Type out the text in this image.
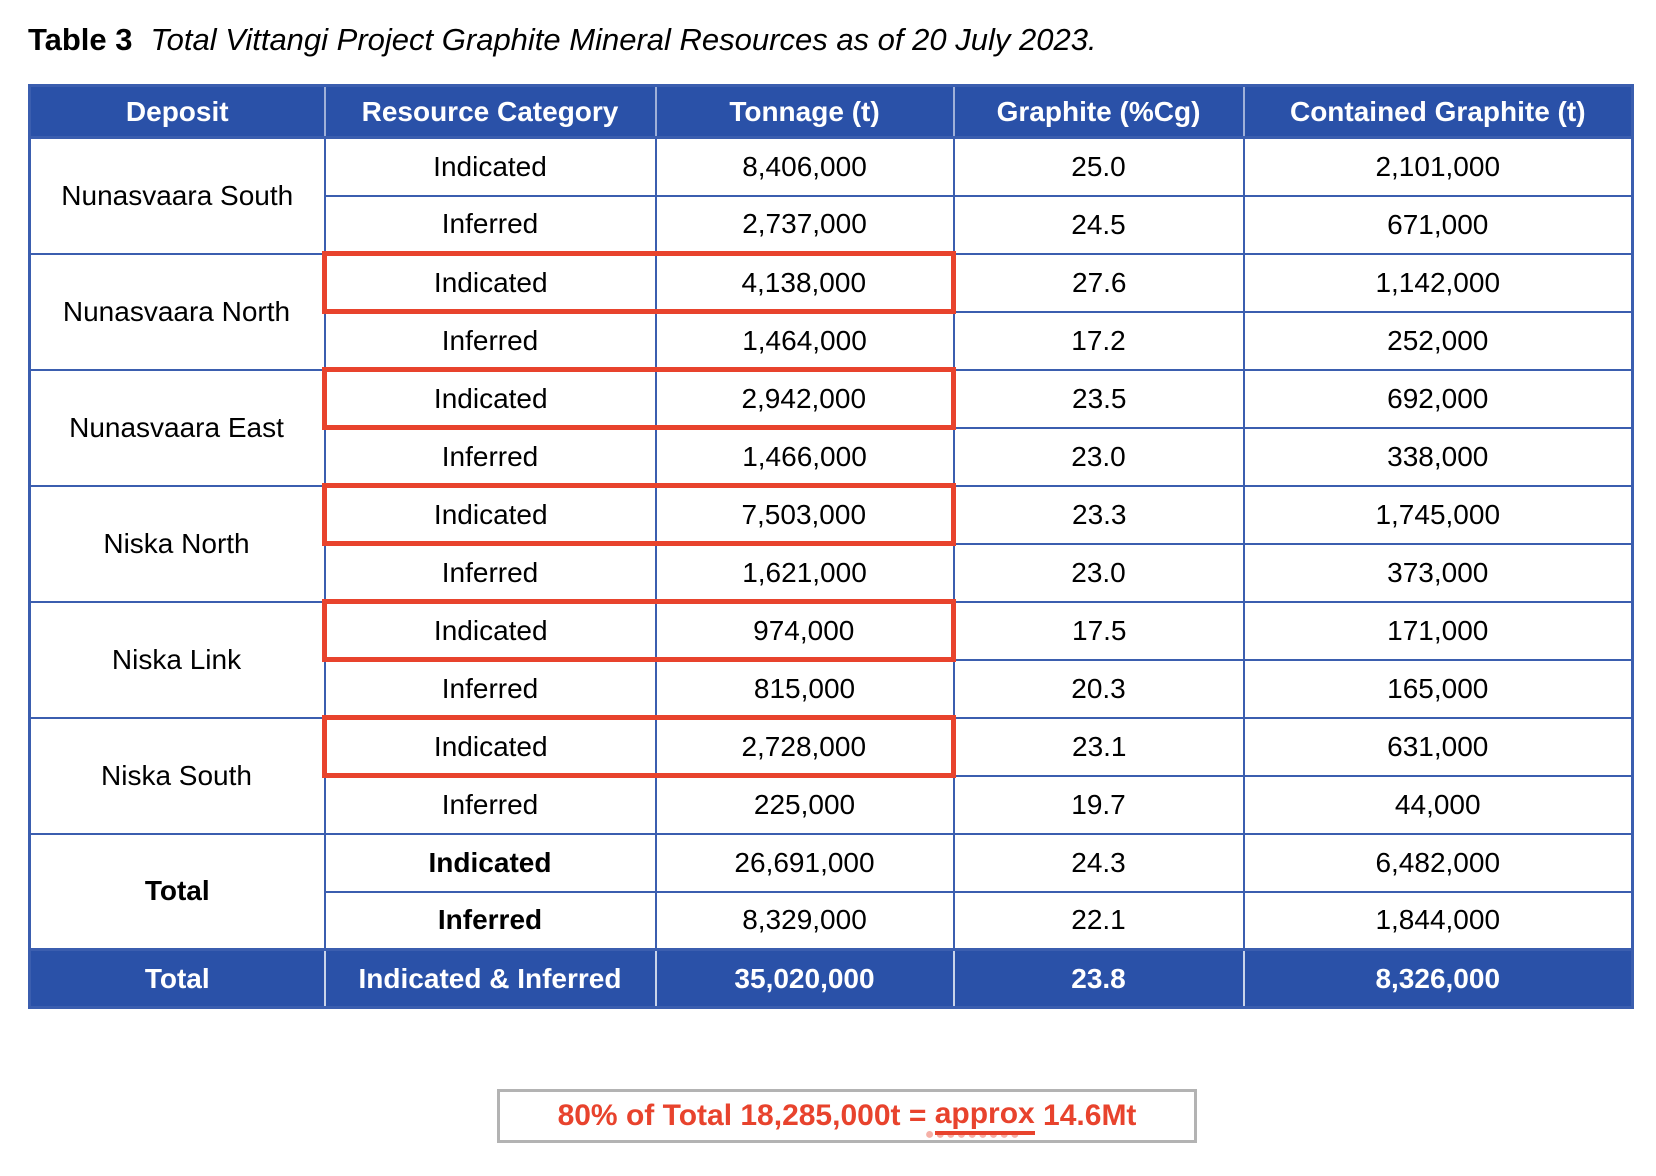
Table 3 Total Vittangi Project Graphite Mineral Resources as of 20 July 2023.
Deposit	Resource Category	Tonnage (t)	Graphite (%Cg)	Contained Graphite (t)
Nunasvaara South	Indicated	8,406,000	25.0	2,101,000
	Inferred	2,737,000	24.5	671,000
Nunasvaara North	Indicated	4,138,000	27.6	1,142,000
	Inferred	1,464,000	17.2	252,000
Nunasvaara East	Indicated	2,942,000	23.5	692,000
	Inferred	1,466,000	23.0	338,000
Niska North	Indicated	7,503,000	23.3	1,745,000
	Inferred	1,621,000	23.0	373,000
Niska Link	Indicated	974,000	17.5	171,000
	Inferred	815,000	20.3	165,000
Niska South	Indicated	2,728,000	23.1	631,000
	Inferred	225,000	19.7	44,000
Total	Indicated	26,691,000	24.3	6,482,000
	Inferred	8,329,000	22.1	1,844,000
Total	Indicated & Inferred	35,020,000	23.8	8,326,000
80% of Total 18,285,000t = approx
●●●●●●●●●
14.6Mt
